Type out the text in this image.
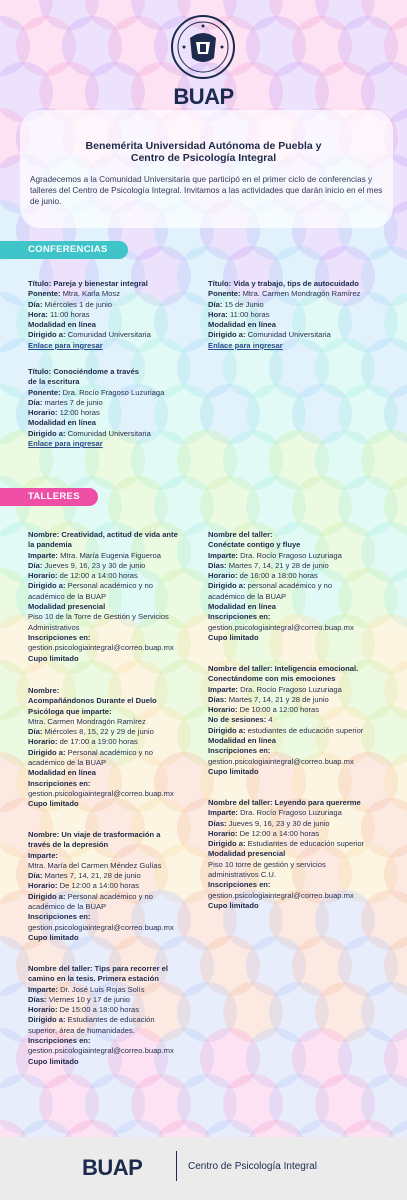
BUAP
Benemérita Universidad Autónoma de Puebla y
Centro de Psicología Integral
Agradecemos a la Comunidad Universitaria que participó en el primer ciclo de conferencias y talleres del Centro de Psicología Integral. Invitamos a las actividades que darán inicio en el mes de junio.
CONFERENCIAS
Título: Pareja y bienestar integral
Ponente: Mtra. Karla Mosz
Día: Miércoles 1 de junio
Hora: 11:00 horas
Modalidad en línea
Dirigido a: Comunidad Universitaria
Enlace para ingresar
Título: Vida y trabajo, tips de autocuidado
Ponente: Mtra. Carmen Mondragón Ramírez
Día: 15 de Junio
Hora: 11:00 horas
Modalidad en línea
Dirigido a: Comunidad Universitaria
Enlace para ingresar
Título: Conociéndome a través
de la escritura
Ponente: Dra. Rocío Fragoso Luzuriaga
Día: martes 7 de junio
Horario: 12:00 horas
Modalidad en línea
Dirigido a: Comunidad Universitaria
Enlace para ingresar
TALLERES
Nombre: Creatividad, actitud de vida ante
la pandemia
Imparte: Mtra. María Eugenia Figueroa
Día: Jueves 9, 16, 23 y 30 de junio
Horario: de 12:00 a 14:00 horas
Dirigido a: Personal académico y no
académico de la BUAP
Modalidad presencial
Piso 10 de la Torre de Gestión y Servicios
Administrativos
Inscripciones en:
gestion.psicologiaintegral@correo.buap.mx
Cupo limitado
Nombre:
Acompañándonos Durante el Duelo
Psicóloga que imparte:
Mtra. Carmen Mondragón Ramírez
Día: Miércoles 8, 15, 22 y 29 de junio
Horario: de 17:00 a 19:00 horas
Dirigido a: Personal académico y no
académico de la BUAP
Modalidad en línea
Inscripciones en:
gestion.psicologiaintegral@correo.buap.mx
Cupo limitado
Nombre: Un viaje de trasformación a
través de la depresión
Imparte:
Mtra. María del Carmen Méndez Gulías
Día: Martes 7, 14, 21, 28 de junio
Horario: De 12:00 a 14:00 horas
Dirigido a: Personal académico y no
académico de la BUAP
Inscripciones en:
gestion.psicologiaintegral@correo.buap.mx
Cupo limitado
Nombre del taller: Tips para recorrer el
camino en la tesis. Primera estación
Imparte: Dr. José Luis Rojas Solís
Días: Viernes 10 y 17 de junio
Horario: De 15:00 a 18:00 horas
Dirigido a: Estudiantes de educación
superior, área de humanidades.
Inscripciones en:
gestion.psicologiaintegral@correo.buap.mx
Cupo limitado
Nombre del taller:
Conéctate contigo y fluye
Imparte: Dra. Rocío Fragoso Luzuriaga
Días: Martes 7, 14, 21 y 28 de junio
Horario: de 16:00 a 18:00 horas
Dirigido a: personal académico y no
académico de la BUAP
Modalidad en línea
Inscripciones en:
gestion.psicologiaintegral@correo.buap.mx
Cupo limitado
Nombre del taller: Inteligencia emocional.
Conectándome con mis emociones
Imparte: Dra. Rocío Fragoso Luzuriaga
Días: Martes 7, 14, 21 y 28 de junio
Horario: De 10:00 a 12:00 horas
No de sesiones: 4
Dirigido a: estudiantes de educación superior
Modalidad en línea
Inscripciones en:
gestion.psicologiaintegral@correo.buap.mx
Cupo limitado
Nombre del taller: Leyendo para quererme
Imparte: Dra. Rocío Fragoso Luzuriaga
Días: Jueves 9, 16, 23 y 30 de junio
Horario: De 12:00 a 14:00 horas
Dirigido a: Estudiantes de educación superior
Modalidad presencial
Piso 10 torre de gestión y servicios
administrativos C.U.
Inscripciones en:
gestion.psicologiaintegral@correo.buap.mx
Cupo limitado
BUAP	Centro de Psicología Integral
